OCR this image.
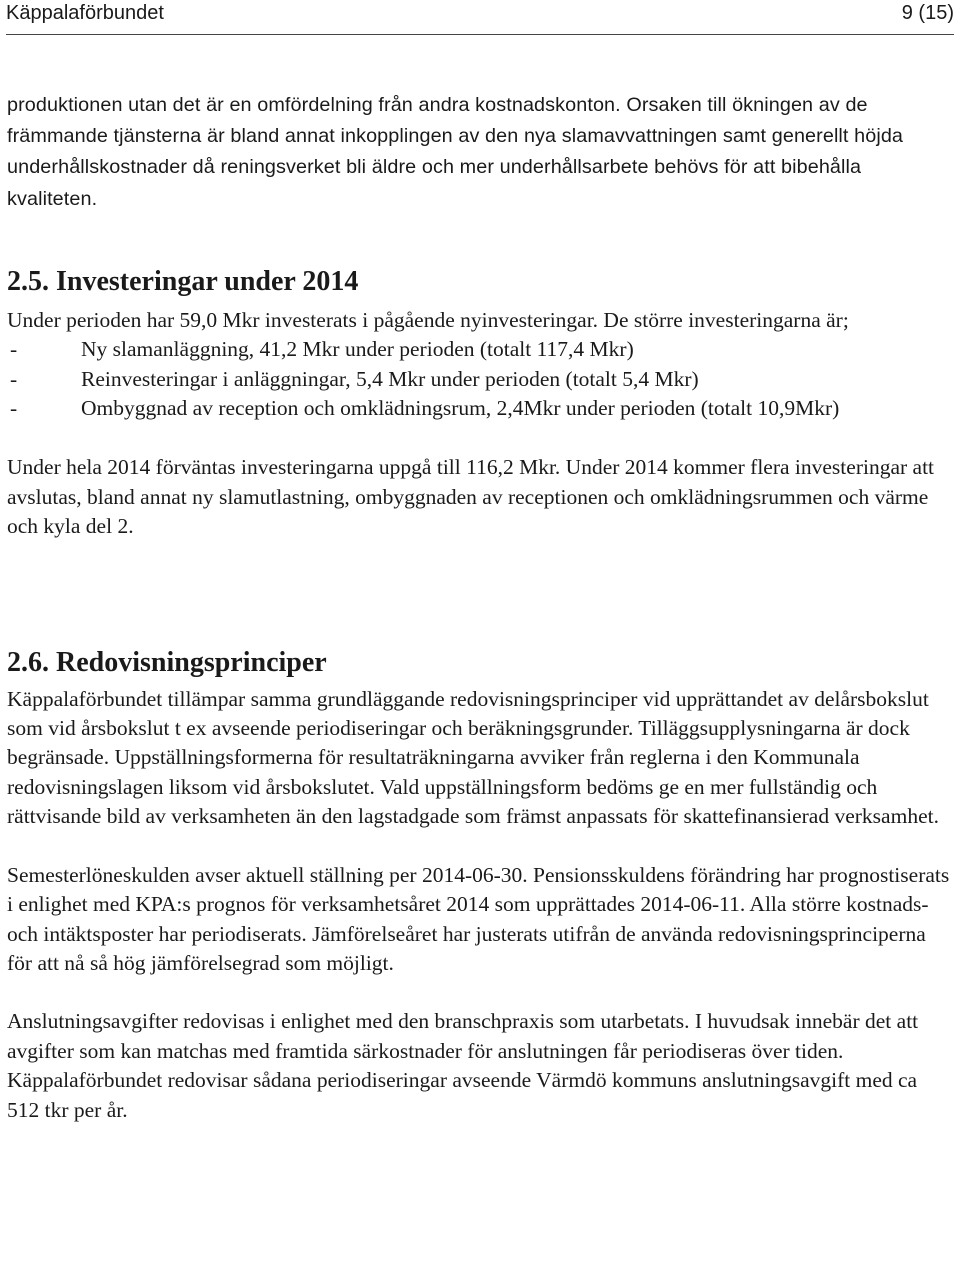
Käppalaförbundet	9 (15)

produktionen utan det är en omfördelning från andra kostnadskonton. Orsaken till ökningen av de främmande tjänsterna är bland annat inkopplingen av den nya slamavvattningen samt generellt höjda underhållskostnader då reningsverket bli äldre och mer underhållsarbete behövs för att bibehålla kvaliteten.

2.5. Investeringar under 2014

Under perioden har 59,0 Mkr investerats i pågående nyinvesteringar. De större investeringarna är;

-	Ny slamanläggning, 41,2 Mkr under perioden (totalt 117,4 Mkr)
-	Reinvesteringar i anläggningar, 5,4 Mkr under perioden (totalt 5,4 Mkr)
-	Ombyggnad av reception och omklädningsrum, 2,4Mkr under perioden (totalt 10,9Mkr)

Under hela 2014 förväntas investeringarna uppgå till 116,2 Mkr. Under 2014 kommer flera investeringar att avslutas, bland annat ny slamutlastning, ombyggnaden av receptionen och omklädningsrummen och värme och kyla del 2.

2.6. Redovisningsprinciper

Käppalaförbundet tillämpar samma grundläggande redovisningsprinciper vid upprättandet av delårsbokslut som vid årsbokslut t ex avseende periodiseringar och beräkningsgrunder. Tilläggsupplysningarna är dock begränsade. Uppställningsformerna för resultaträkningarna avviker från reglerna i den Kommunala redovisningslagen liksom vid årsbokslutet. Vald uppställningsform bedöms ge en mer fullständig och rättvisande bild av verksamheten än den lagstadgade som främst anpassats för skattefinansierad verksamhet.

Semesterlöneskulden avser aktuell ställning per 2014-06-30. Pensionsskuldens förändring har prognostiserats i enlighet med KPA:s prognos för verksamhetsåret 2014 som upprättades 2014-06-11. Alla större kostnads- och intäktsposter har periodiserats. Jämförelseåret har justerats utifrån de använda redovisningsprinciperna för att nå så hög jämförelsegrad som möjligt.

Anslutningsavgifter redovisas i enlighet med den branschpraxis som utarbetats. I huvudsak innebär det att avgifter som kan matchas med framtida särkostnader för anslutningen får periodiseras över tiden. Käppalaförbundet redovisar sådana periodiseringar avseende Värmdö kommuns anslutningsavgift med ca 512 tkr per år.
